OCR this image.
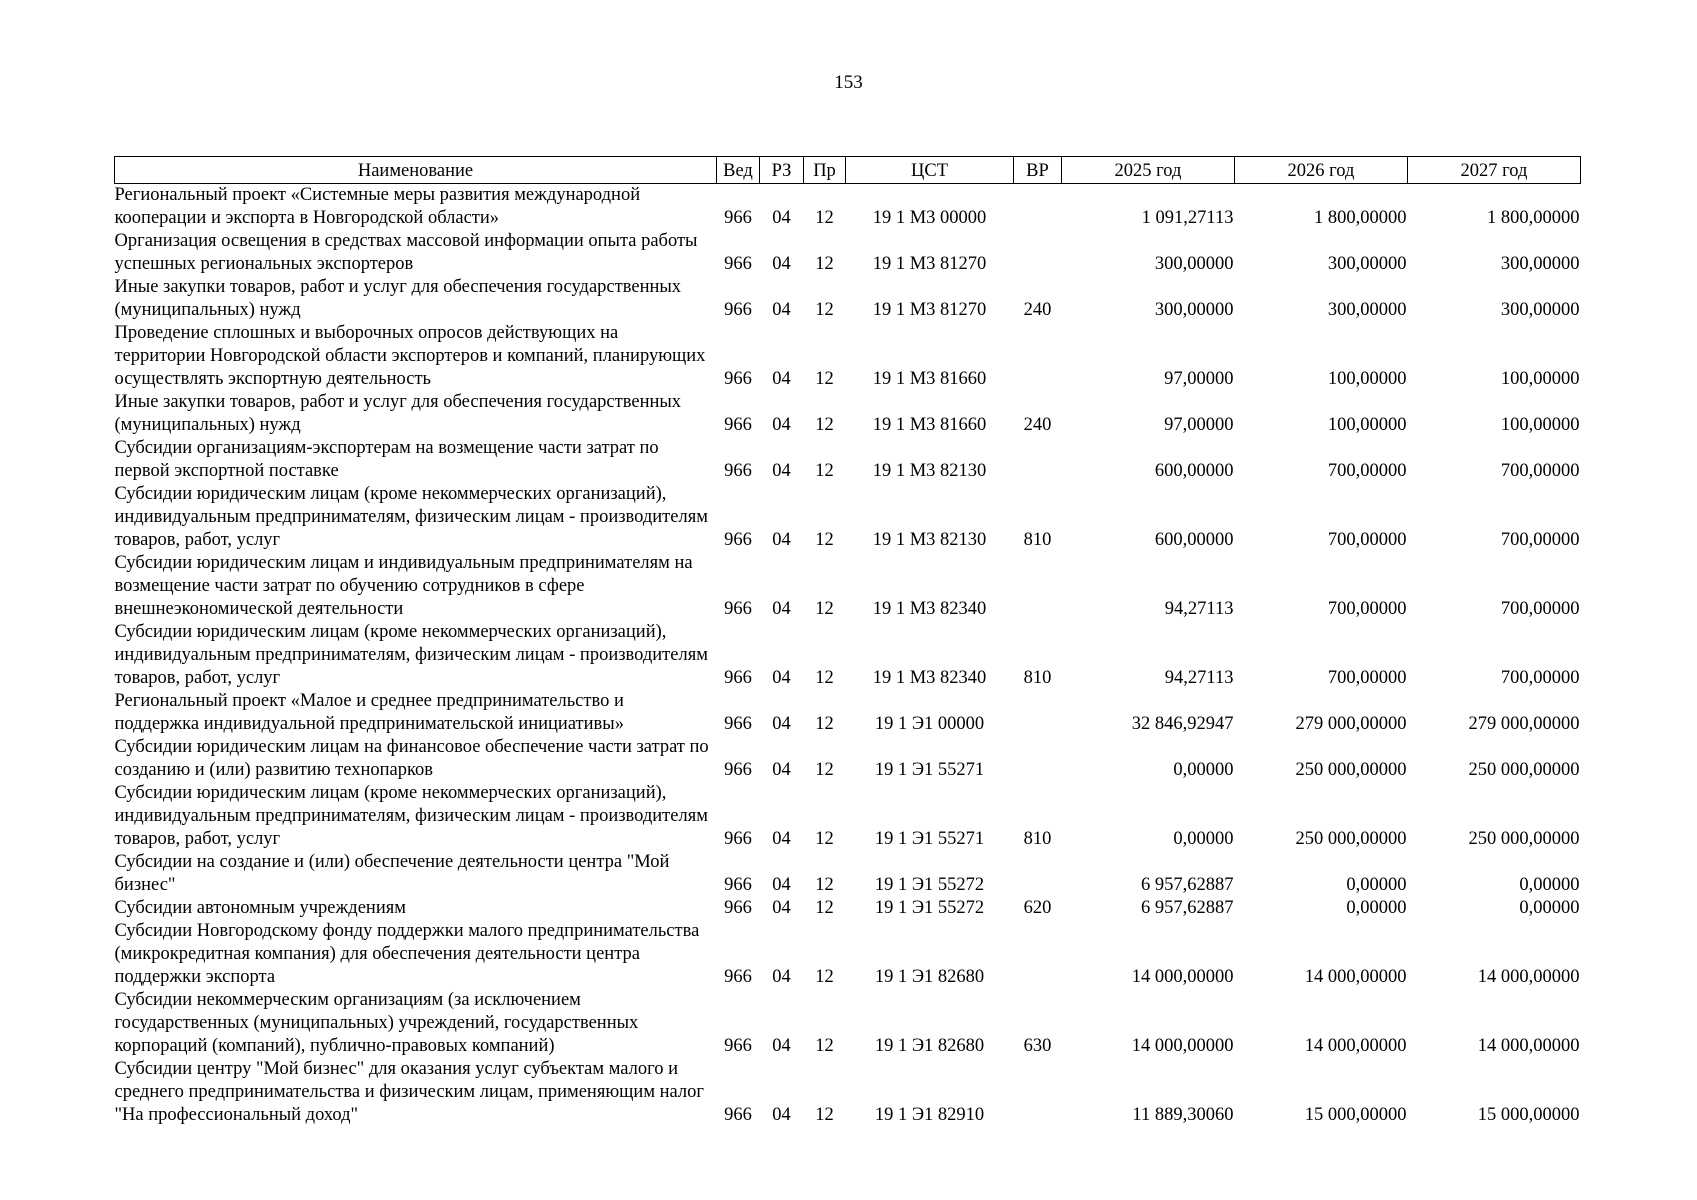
153
Наименование	Вед	РЗ	Пр	ЦСТ	ВР	2025 год	2026 год	2027 год
Региональный проект «Системные меры развития международной кооперации и экспорта в Новгородской области»	966	04	12	19 1 М3 00000		1 091,27113	1 800,00000	1 800,00000
Организация освещения в средствах массовой информации опыта работы успешных региональных экспортеров	966	04	12	19 1 М3 81270		300,00000	300,00000	300,00000
Иные закупки товаров, работ и услуг для обеспечения государственных (муниципальных) нужд	966	04	12	19 1 М3 81270	240	300,00000	300,00000	300,00000
Проведение сплошных и выборочных опросов действующих на территории Новгородской области экспортеров и компаний, планирующих осуществлять экспортную деятельность	966	04	12	19 1 М3 81660		97,00000	100,00000	100,00000
Иные закупки товаров, работ и услуг для обеспечения государственных (муниципальных) нужд	966	04	12	19 1 М3 81660	240	97,00000	100,00000	100,00000
Субсидии организациям-экспортерам на возмещение части затрат по первой экспортной поставке	966	04	12	19 1 М3 82130		600,00000	700,00000	700,00000
Субсидии юридическим лицам (кроме некоммерческих организаций), индивидуальным предпринимателям, физическим лицам - производителям товаров, работ, услуг	966	04	12	19 1 М3 82130	810	600,00000	700,00000	700,00000
Субсидии юридическим лицам и индивидуальным предпринимателям на возмещение части затрат по обучению сотрудников в сфере внешнеэкономической деятельности	966	04	12	19 1 М3 82340		94,27113	700,00000	700,00000
Субсидии юридическим лицам (кроме некоммерческих организаций), индивидуальным предпринимателям, физическим лицам - производителям товаров, работ, услуг	966	04	12	19 1 М3 82340	810	94,27113	700,00000	700,00000
Региональный проект «Малое и среднее предпринимательство и поддержка индивидуальной предпринимательской инициативы»	966	04	12	19 1 Э1 00000		32 846,92947	279 000,00000	279 000,00000
Субсидии юридическим лицам на финансовое обеспечение части затрат по созданию и (или) развитию технопарков	966	04	12	19 1 Э1 55271		0,00000	250 000,00000	250 000,00000
Субсидии юридическим лицам (кроме некоммерческих организаций), индивидуальным предпринимателям, физическим лицам - производителям товаров, работ, услуг	966	04	12	19 1 Э1 55271	810	0,00000	250 000,00000	250 000,00000
Субсидии на создание и (или) обеспечение деятельности центра "Мой бизнес"	966	04	12	19 1 Э1 55272		6 957,62887	0,00000	0,00000
Субсидии автономным учреждениям	966	04	12	19 1 Э1 55272	620	6 957,62887	0,00000	0,00000
Субсидии Новгородскому фонду поддержки малого предпринимательства (микрокредитная компания) для обеспечения деятельности центра поддержки экспорта	966	04	12	19 1 Э1 82680		14 000,00000	14 000,00000	14 000,00000
Субсидии некоммерческим организациям (за исключением государственных (муниципальных) учреждений, государственных корпораций (компаний), публично-правовых компаний)	966	04	12	19 1 Э1 82680	630	14 000,00000	14 000,00000	14 000,00000
Субсидии центру "Мой бизнес" для оказания услуг субъектам малого и среднего предпринимательства и физическим лицам, применяющим налог "На профессиональный доход"	966	04	12	19 1 Э1 82910		11 889,30060	15 000,00000	15 000,00000
